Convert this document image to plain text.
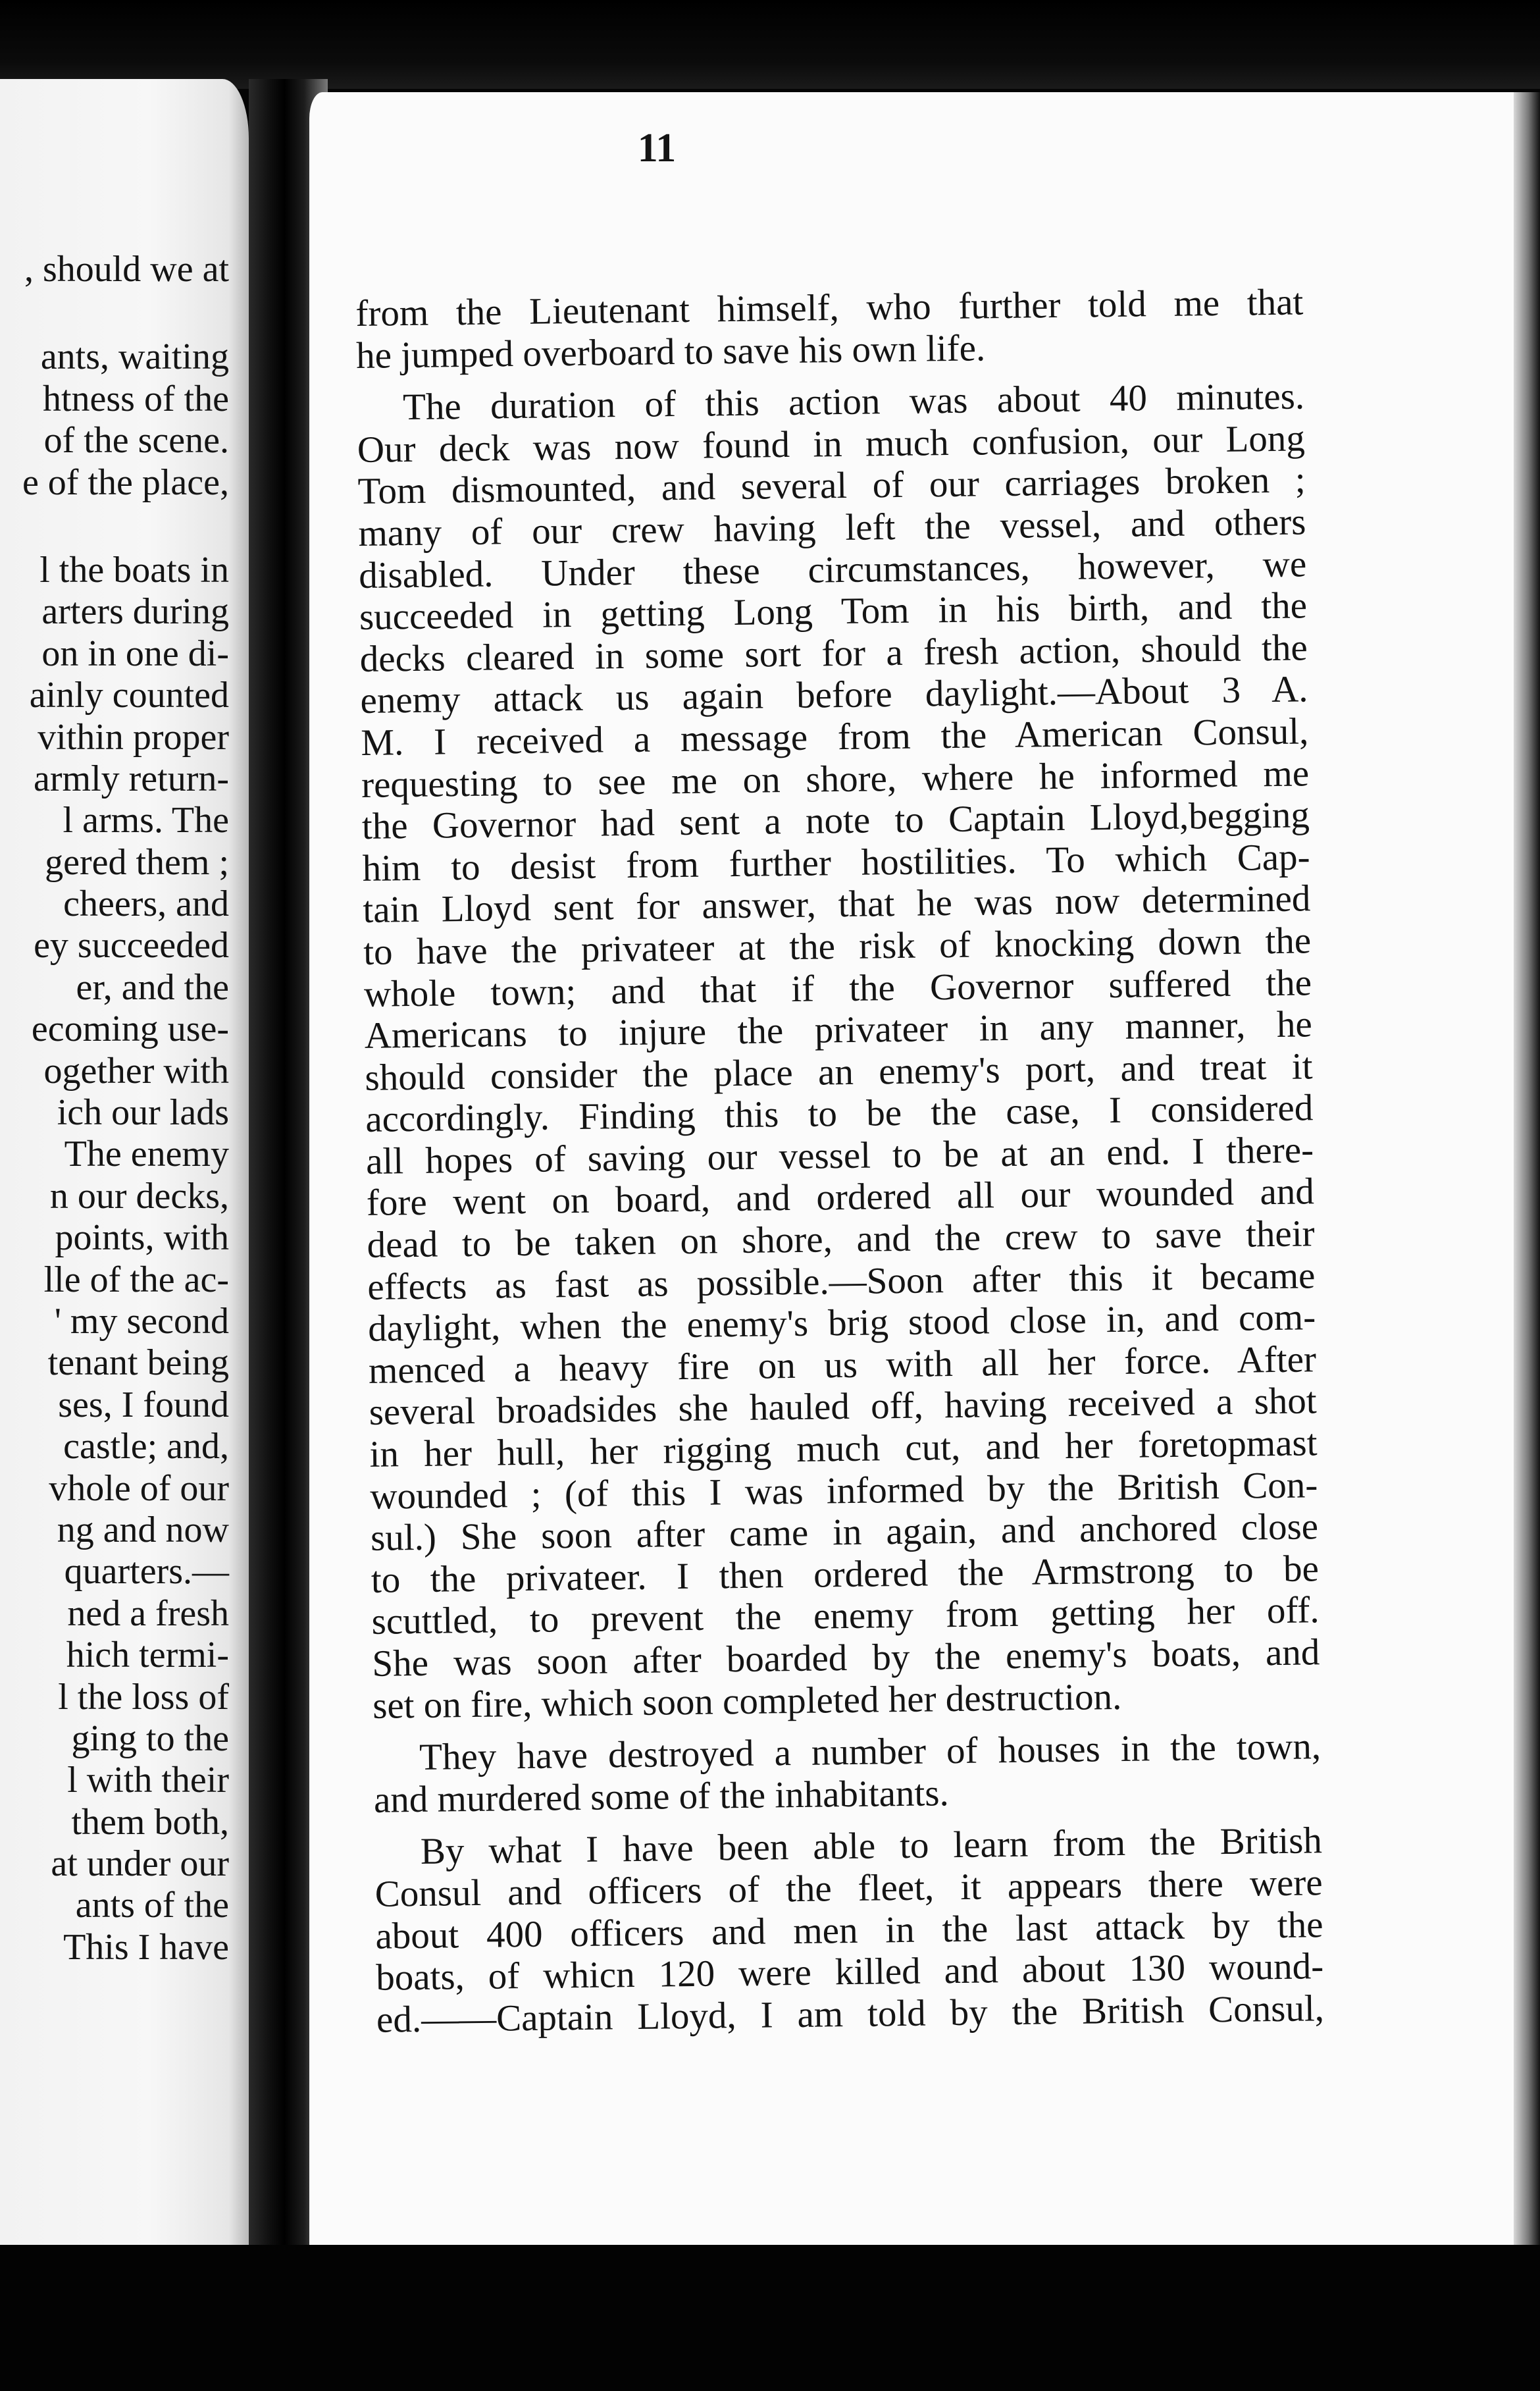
, should we at
ants, waiting
htness of the
of the scene.
e of the place,
l the boats in
arters during
on in one di-
ainly counted
vithin proper
armly return-
l arms. The
gered them ;
cheers, and
ey succeeded
er, and the
ecoming use-
ogether with
ich our lads
The enemy
n our decks,
points, with
lle of the ac-
' my second
tenant being
ses, I found
castle; and,
vhole of our
ng and now
quarters.—
ned a fresh
hich termi-
l the loss of
ging to the
l with their
them both,
at under our
ants of the
This I have
from the Lieutenant himself, who further told me that
he jumped overboard to save his own life.
The duration of this action was about 40 minutes.
Our deck was now found in much confusion, our Long
Tom dismounted, and several of our carriages broken ;
many of our crew having left the vessel, and others
disabled. Under these circumstances, however, we
succeeded in getting Long Tom in his birth, and the
decks cleared in some sort for a fresh action, should the
enemy attack us again before daylight.—About 3 A.
M. I received a message from the American Consul,
requesting to see me on shore, where he informed me
the Governor had sent a note to Captain Lloyd,begging
him to desist from further hostilities. To which Cap-
tain Lloyd sent for answer, that he was now determined
to have the privateer at the risk of knocking down the
whole town; and that if the Governor suffered the
Americans to injure the privateer in any manner, he
should consider the place an enemy's port, and treat it
accordingly. Finding this to be the case, I considered
all hopes of saving our vessel to be at an end. I there-
fore went on board, and ordered all our wounded and
dead to be taken on shore, and the crew to save their
effects as fast as possible.—Soon after this it became
daylight, when the enemy's brig stood close in, and com-
menced a heavy fire on us with all her force. After
several broadsides she hauled off, having received a shot
in her hull, her rigging much cut, and her foretopmast
wounded ; (of this I was informed by the British Con-
sul.) She soon after came in again, and anchored close
to the privateer. I then ordered the Armstrong to be
scuttled, to prevent the enemy from getting her off.
She was soon after boarded by the enemy's boats, and
set on fire, which soon completed her destruction.
They have destroyed a number of houses in the town,
and murdered some of the inhabitants.
By what I have been able to learn from the British
Consul and officers of the fleet, it appears there were
about 400 officers and men in the last attack by the
boats, of whicn 120 were killed and about 130 wound-
ed.——Captain Lloyd, I am told by the British Consul,
11
